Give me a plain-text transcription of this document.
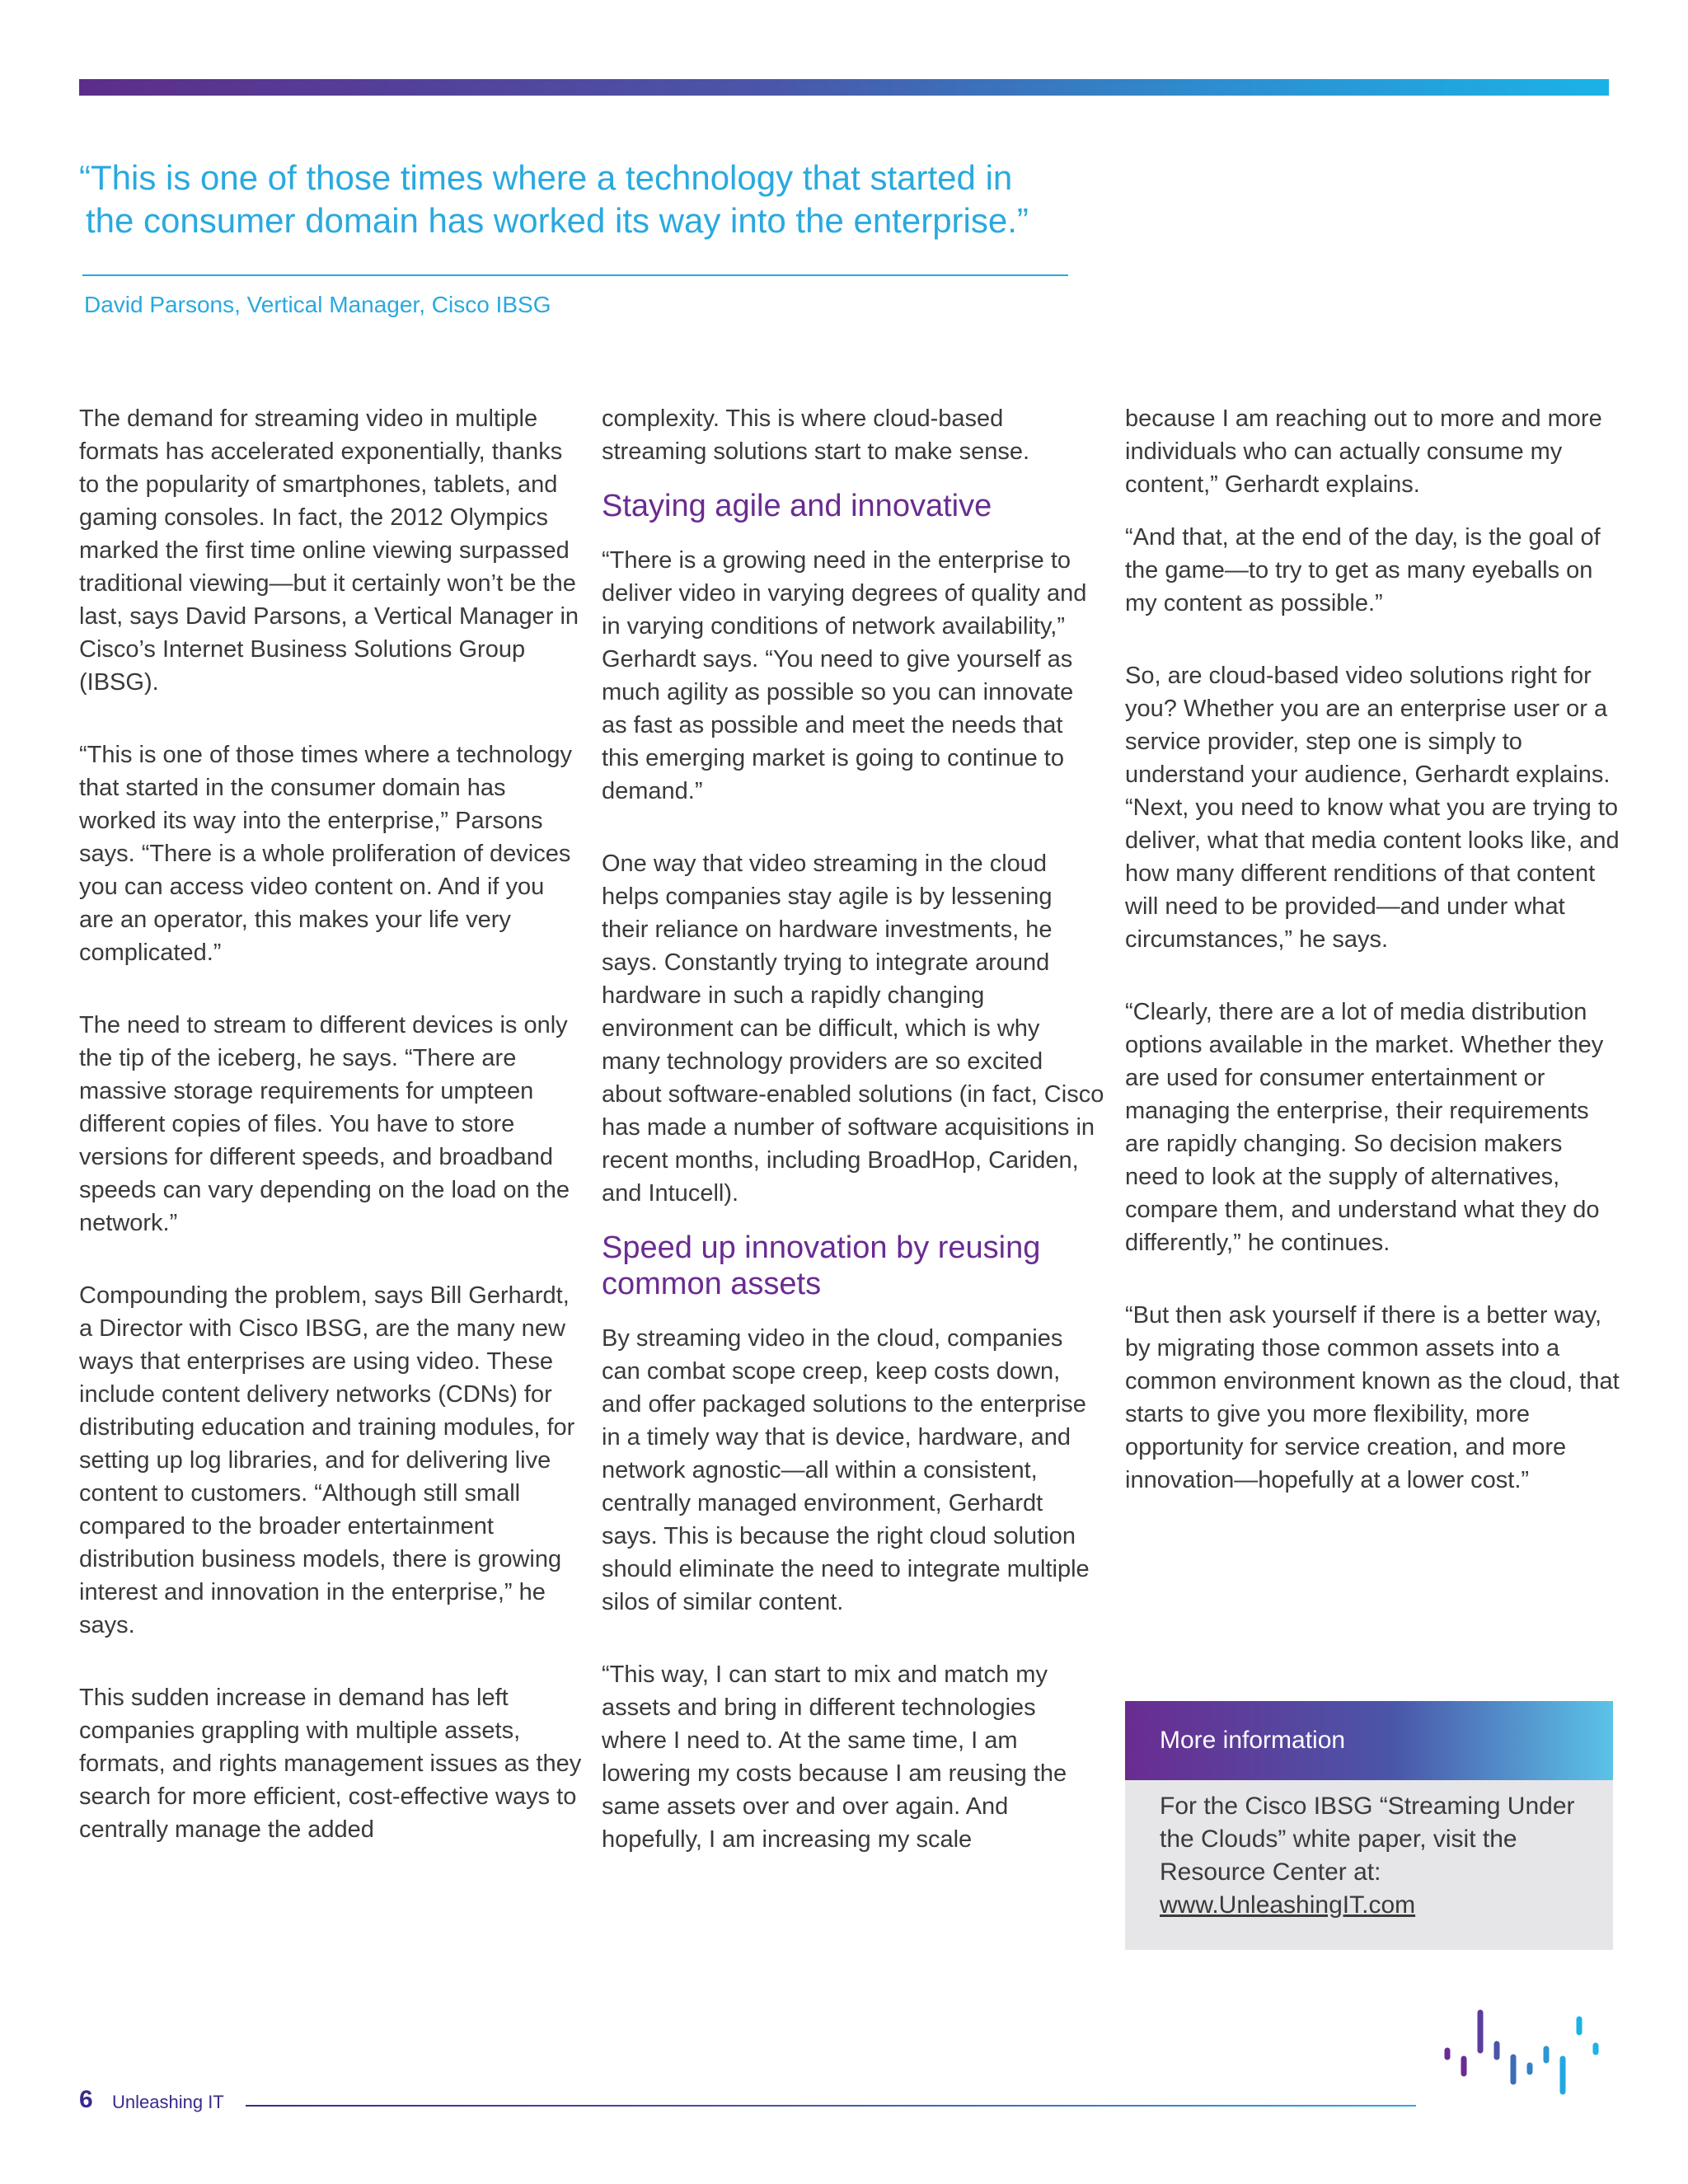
“This is one of those times where a technology that started in
the consumer domain has worked its way into the enterprise.”
David Parsons, Vertical Manager, Cisco IBSG

The demand for streaming video in multiple formats has accelerated exponentially, thanks to the popularity of smartphones, tablets, and gaming consoles. In fact, the 2012 Olympics marked the first time online viewing surpassed traditional viewing—but it certainly won’t be the last, says David Parsons, a Vertical Manager in Cisco’s Internet Business Solutions Group (IBSG).

“This is one of those times where a technology that started in the consumer domain has worked its way into the enterprise,” Parsons says. “There is a whole proliferation of devices you can access video content on. And if you are an operator, this makes your life very complicated.”

The need to stream to different devices is only the tip of the iceberg, he says. “There are massive storage requirements for umpteen different copies of files. You have to store versions for different speeds, and broadband speeds can vary depending on the load on the network.”

Compounding the problem, says Bill Gerhardt, a Director with Cisco IBSG, are the many new ways that enterprises are using video. These include content delivery networks (CDNs) for distributing education and training modules, for setting up log libraries, and for delivering live content to customers. “Although still small compared to the broader entertainment distribution business models, there is growing interest and innovation in the enterprise,” he says.

This sudden increase in demand has left companies grappling with multiple assets, formats, and rights management issues as they search for more efficient, cost-effective ways to centrally manage the added

complexity. This is where cloud-based streaming solutions start to make sense.

Staying agile and innovative

“There is a growing need in the enterprise to deliver video in varying degrees of quality and in varying conditions of network availability,” Gerhardt says. “You need to give yourself as much agility as possible so you can innovate as fast as possible and meet the needs that this emerging market is going to continue to demand.”

One way that video streaming in the cloud helps companies stay agile is by lessening their reliance on hardware investments, he says. Constantly trying to integrate around hardware in such a rapidly changing environment can be difficult, which is why many technology providers are so excited about software-enabled solutions (in fact, Cisco has made a number of software acquisitions in recent months, including BroadHop, Cariden, and Intucell).

Speed up innovation by reusing common assets

By streaming video in the cloud, companies can combat scope creep, keep costs down, and offer packaged solutions to the enterprise in a timely way that is device, hardware, and network agnostic—all within a consistent, centrally managed environment, Gerhardt says. This is because the right cloud solution should eliminate the need to integrate multiple silos of similar content.

“This way, I can start to mix and match my assets and bring in different technologies where I need to. At the same time, I am lowering my costs because I am reusing the same assets over and over again. And hopefully, I am increasing my scale

because I am reaching out to more and more individuals who can actually consume my content,” Gerhardt explains.

“And that, at the end of the day, is the goal of the game—to try to get as many eyeballs on my content as possible.”

So, are cloud-based video solutions right for you? Whether you are an enterprise user or a service provider, step one is simply to understand your audience, Gerhardt explains. “Next, you need to know what you are trying to deliver, what that media content looks like, and how many different renditions of that content will need to be provided—and under what circumstances,” he says.

“Clearly, there are a lot of media distribution options available in the market. Whether they are used for consumer entertainment or managing the enterprise, their requirements are rapidly changing. So decision makers need to look at the supply of alternatives, compare them, and understand what they do differently,” he continues.

“But then ask yourself if there is a better way, by migrating those common assets into a common environment known as the cloud, that starts to give you more flexibility, more opportunity for service creation, and more innovation—hopefully at a lower cost.”

More information
For the Cisco IBSG “Streaming Under the Clouds” white paper, visit the Resource Center at:
www.UnleashingIT.com
6 Unleashing IT
